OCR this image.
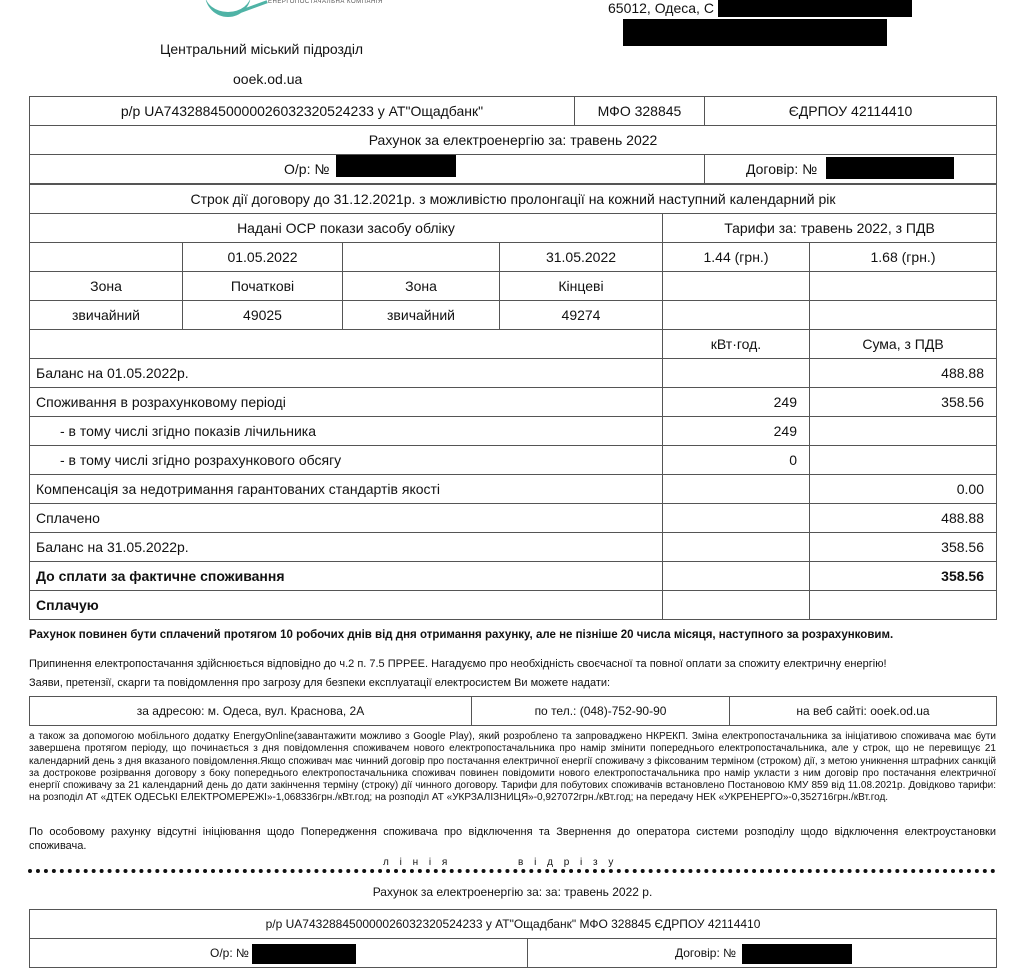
ЕНЕРГОПОСТАЧАЛЬНА КОМПАНІЯ	65012, Одеса, С
Центральний міський підрозділ
ooek.od.ua
р/р UA743288450000026032320524233 у АТ"Ощадбанк"	МФО 328845	ЄДРПОУ 42114410
Рахунок за електроенергію за: травень 2022		
О/р: №		Договір: №
Строк дії договору до 31.12.2021р. з можливістю пролонгації на кожний наступний календарний рік					
Надані ОСР покази засобу обліку				Тарифи за: травень 2022, з ПДВ	
	01.05.2022		31.05.2022	1.44 (грн.)	1.68 (грн.)
Зона	Початкові	Зона	Кінцеві		
звичайний	49025	звичайний	49274		
				кВт·год.	Сума, з ПДВ
Баланс на 01.05.2022р.					488.88
Споживання в розрахунковому періоді				249	358.56
- в тому числі згідно показів лічильника				249	
- в тому числі згідно розрахункового обсягу				0	
Компенсація за недотримання гарантованих стандартів якості					0.00
Сплачено					488.88
Баланс на 31.05.2022р.					358.56
До сплати за фактичне споживання					358.56
Сплачую					
Рахунок повинен бути сплачений протягом 10 робочих днів від дня отримання рахунку, але не пізніше 20 числа місяця, наступного за розрахунковим.
Припинення електропостачання здійснюється відповідно до ч.2 п. 7.5 ПРРЕЕ. Нагадуємо про необхідність своєчасної та повної оплати за спожиту електричну енергію!
Заяви, претензії, скарги та повідомлення про загрозу для безпеки експлуатації електросистем Ви можете надати:
за адресою: м. Одеса, вул. Краснова, 2А	по тел.: (048)-752-90-90	на веб сайті: ooek.od.ua
а також за допомогою мобільного додатку EnergyOnline(завантажити можливо з Google Play), який розроблено та запроваджено НКРЕКП. Зміна електропостачальника за ініціативою споживача має бути завершена протягом періоду, що починається з дня повідомлення споживачем нового електропостачальника про намір змінити попереднього електропостачальника, але у строк, що не перевищує 21 календарний день з дня вказаного повідомлення.Якщо споживач має чинний договір про постачання електричної енергії споживачу з фіксованим терміном (строком) дії, з метою уникнення штрафних санкцій за дострокове розірвання договору з боку попереднього електропостачальника споживач повинен повідомити нового електропостачальника про намір укласти з ним договір про постачання електричної енергії споживачу за 21 календарний день до дати закінчення терміну (строку) дії чинного договору. Тарифи для побутових споживачів встановлено Постановою КМУ 859 від 11.08.2021р. Довідково тарифи: на розподіл АТ «ДТЕК ОДЕСЬКІ ЕЛЕКТРОМЕРЕЖІ»-1,068336грн./кВт.год; на розподіл АТ «УКРЗАЛІЗНИЦЯ»-0,927072грн./кВт.год; на передачу НЕК «УКРЕНЕРГО»-0,352716грн./кВт.год.
По особовому рахунку відсутні ініціювання щодо Попередження споживача про відключення та Звернення до оператора системи розподілу щодо відключення електроустановки споживача.
л і н і я	в і д р і з у
Рахунок за електроенергію за: за: травень 2022 р.
р/р UA743288450000026032320524233 у АТ"Ощадбанк" МФО 328845 ЄДРПОУ 42114410
О/р: №	Договір: №
